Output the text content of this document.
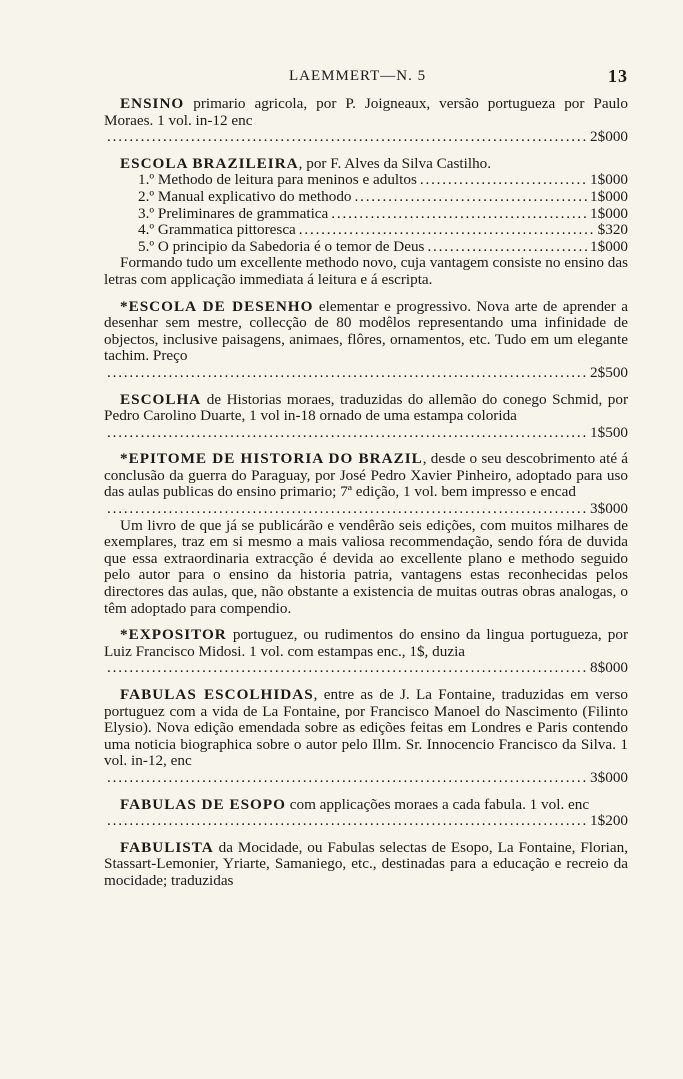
LAEMMERT—N. 5	13

ENSINO primario agricola, por P. Joigneaux, versão portugueza por Paulo Moraes. 1 vol. in-12 enc

. . .
2$000

ESCOLA BRAZILEIRA, por F. Alves da Silva Castilho.

1.º Methodo de leitura para meninos e adultos . . .	1$000
2.º Manual explicativo do methodo . . .	1$000
3.º Preliminares de grammatica . . .	1$000
4.º Grammatica pittoresca . . .	$320
5.º O principio da Sabedoria é o temor de Deus . . .	1$000

Formando tudo um excellente methodo novo, cuja vantagem consiste no ensino das letras com applicação immediata á leitura e á escripta.

*ESCOLA DE DESENHO elementar e progressivo. Nova arte de aprender a desenhar sem mestre, collecção de 80 modêlos representando uma infinidade de objectos, inclusive paisagens, animaes, flôres, ornamentos, etc. Tudo em um elegante tachim. Preço

. . .
2$500

ESCOLHA de Historias moraes, traduzidas do allemão do conego Schmid, por Pedro Carolino Duarte, 1 vol in-18 ornado de uma estampa colorida

. . .
1$500

*EPITOME DE HISTORIA DO BRAZIL, desde o seu descobrimento até á conclusão da guerra do Paraguay, por José Pedro Xavier Pinheiro, adoptado para uso das aulas publicas do ensino primario; 7ª edição, 1 vol. bem impresso e encad

. . .
3$000

Um livro de que já se publicárão e vendêrão seis edições, com muitos milhares de exemplares, traz em si mesmo a mais valiosa recommendação, sendo fóra de duvida que essa extraordinaria extracção é devida ao excellente plano e methodo seguido pelo autor para o ensino da historia patria, vantagens estas reconhecidas pelos directores das aulas, que, não obstante a existencia de muitas outras obras analogas, o têm adoptado para compendio.

*EXPOSITOR portuguez, ou rudimentos do ensino da lingua portugueza, por Luiz Francisco Midosi. 1 vol. com estampas enc., 1$, duzia

. . .
8$000

FABULAS ESCOLHIDAS, entre as de J. La Fontaine, traduzidas em verso portuguez com a vida de La Fontaine, por Francisco Manoel do Nascimento (Filinto Elysio). Nova edição emendada sobre as edições feitas em Londres e Paris contendo uma noticia biographica sobre o autor pelo Illm. Sr. Innocencio Francisco da Silva. 1 vol. in-12, enc

. . .
3$000

FABULAS DE ESOPO com applicações moraes a cada fabula. 1 vol. enc

. . .
1$200

FABULISTA da Mocidade, ou Fabulas selectas de Esopo, La Fontaine, Florian, Stassart-Lemonier, Yriarte, Samaniego, etc., destinadas para a educação e recreio da mocidade; traduzidas
